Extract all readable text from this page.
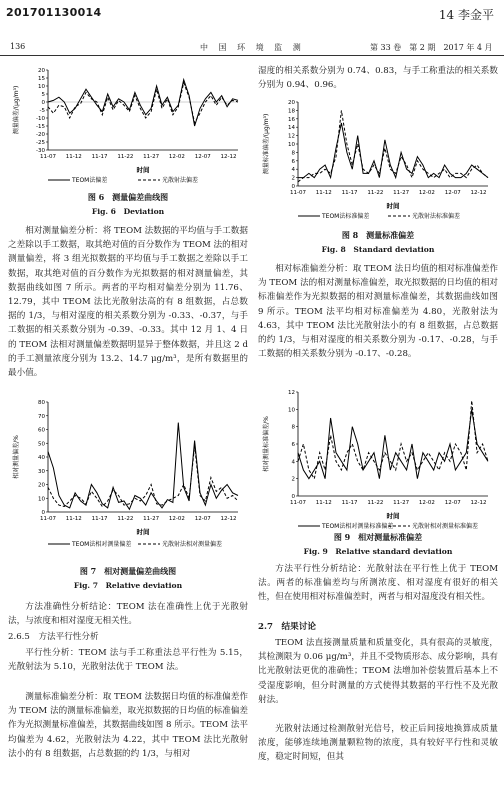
201701130014	14 李金平
136	中 国 环 境 监 测	第 33 卷　第 2 期　2017 年 4 月
20
15
10
5
0
-5
-10
-15
-20
-25
-30
11-07 11-12 11-17 11-22 11-27 12-02 12-07 12-12
时间
测量偏差/(μg/m³)
TEOM法偏差	光散射法偏差
图 6　测量偏差曲线图
Fig. 6　Deviation

相对测量偏差分析：将 TEOM 法数据的平均值与手工数据之差除以手工数据，取其绝对值的百分数作为 TEOM 法的相对测量偏差，将 3 组光拟数据的平均值与手工数据之差除以手工数据，取其绝对值的百分数作为光拟数据的相对测量偏差，其数据曲线如图 7 所示。两者的平均相对偏差分别为 11.76、12.79，其中 TEOM 法比光散射法高的有 8 组数据，占总数据的 1/3，与相对湿度的相关系数分别为 -0.33、-0.37，与手工数据的相关系数分别为 -0.39、-0.33。其中 12 月 1、4 日的 TEOM 法相对测量偏差数据明显异于整体数据，并且这 2 d 的手工测量浓度分别为 13.2、14.7 μg/m³，是所有数据里的最小值。

80
70
60
50
40
30
20
10
0
11-07 11-12 11-17 11-22 11-27 12-02 12-07 12-12
时间
相对测量偏差/%
TEOM法相对测量偏差	光散射法相对测量偏差
图 7　相对测量偏差曲线图
Fig. 7　Relative deviation

方法准确性分析结论：TEOM 法在准确性上优于光散射法，与浓度和相对湿度无相关性。

2.6.5　方法平行性分析

平行性分析：TEOM 法与手工称重法总平行性为 5.15，光散射法为 5.10，光散射法优于 TEOM 法。

测量标准偏差分析：取 TEOM 法数据日均值的标准偏差作为 TEOM 法的测量标准偏差，取光拟数据的日均值的标准偏差作为光拟测量标准偏差，其数据曲线如图 8 所示。TEOM 法平均偏差为 4.62，光散射法为 4.22，其中 TEOM 法比光散射法小的有 8 组数据，占总数据的约 1/3，与相对

湿度的相关系数分别为 0.74、0.83，与手工称重法的相关系数分别为 0.94、0.96。

20
18
16
14
12
10
8
6
4
2
0
11-07 11-12 11-17 11-22 11-27 12-02 12-07 12-12
时间
测量标准偏差/(μg/m³)
TEOM法标准偏差	光散射法标准偏差
图 8　测量标准偏差
Fig. 8　Standard deviation

相对标准偏差分析：取 TEOM 法日均值的相对标准偏差作为 TEOM 法的相对测量标准偏差，取光拟数据的日均值的相对标准偏差作为光拟数据的相对测量标准偏差，其数据曲线如图 9 所示。TEOM 法平均相对标准偏差为 4.80，光散射法为 4.63，其中 TEOM 法比光散射法小的有 8 组数据，占总数据的约 1/3，与相对湿度的相关系数分别为 -0.17、-0.28，与手工数据的相关系数分别为 -0.17、-0.28。

12
10
8
6
4
2
0
11-07 11-12 11-17 11-22 11-27 12-02 12-07 12-12
时间
相对测量标准偏差/%
TEOM法相对测量标准偏差	光散射相对测量标准偏差
图 9　相对测量标准偏差
Fig. 9　Relative standard deviation

方法平行性分析结论：光散射法在平行性上优于 TEOM 法。两者的标准偏差均与所测浓度、相对湿度有很好的相关性，但在使用相对标准偏差时，两者与相对湿度没有相关性。

2.7　结果讨论

TEOM 法直接测量质量和质量变化，具有很高的灵敏度，其检测限为 0.06 μg/m³，并且不受物质形态、成分影响，具有比光散射法更优的准确性；TEOM 法增加补偿装置后基本上不受湿度影响，但分时测量的方式使得其数据的平行性不及光散射法。

光散射法通过检测散射光信号，校正后间接地换算成质量浓度，能够连续地测量颗粒物的浓度，具有较好平行性和灵敏度，稳定时间短，但其
